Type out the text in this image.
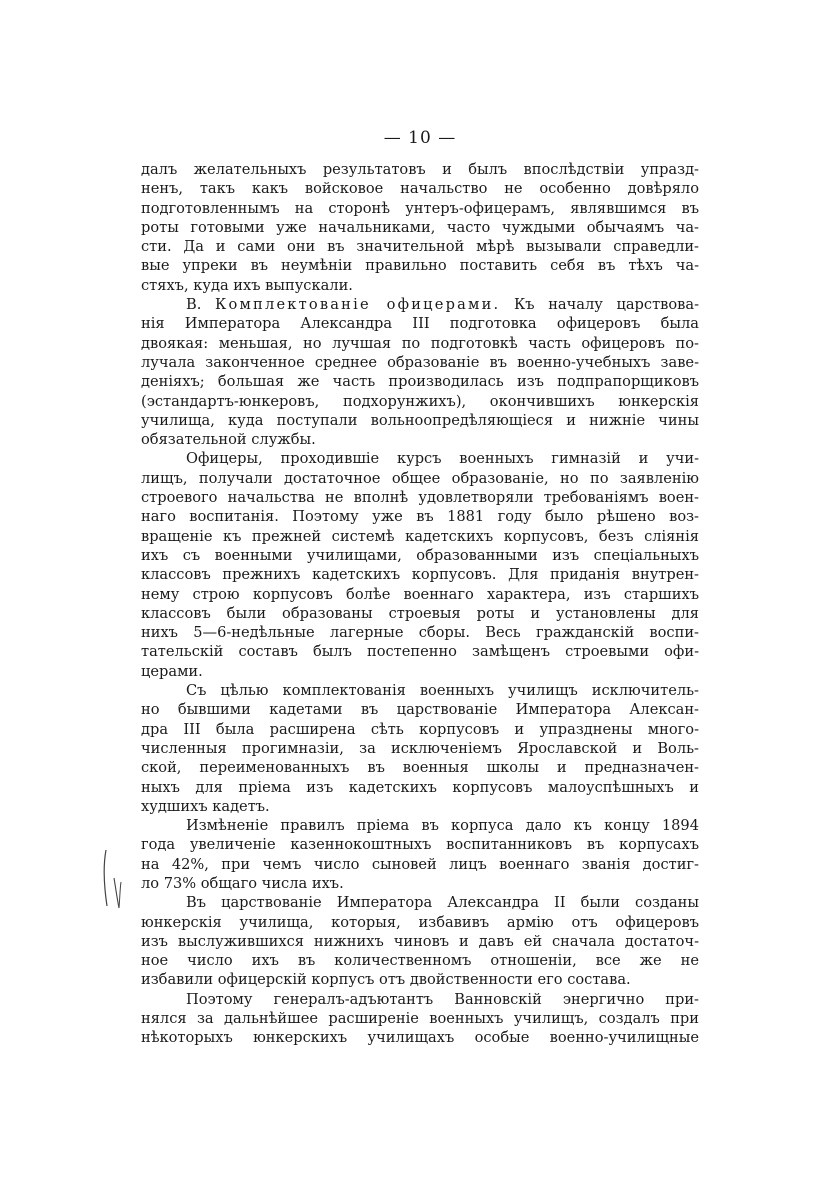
— 10 —
далъ желательныхъ результатовъ и былъ впослѣдствіи упразд-
ненъ, такъ какъ войсковое начальство не особенно довѣряло
подготовленнымъ на сторонѣ унтеръ-офицерамъ, являвшимся въ
роты готовыми уже начальниками, часто чуждыми обычаямъ ча-
сти. Да и сами они въ значительной мѣрѣ вызывали справедли-
вые упреки въ неумѣніи правильно поставить себя въ тѣхъ ча-
стяхъ, куда ихъ выпускали.
В. Комплектованіе офицерами. Къ началу царствова-
нія Императора Александра III подготовка офицеровъ была
двоякая: меньшая, но лучшая по подготовкѣ часть офицеровъ по-
лучала законченное среднее образованіе въ военно-учебныхъ заве-
деніяхъ; большая же часть производилась изъ подпрапорщиковъ
(эстандартъ-юнкеровъ, подхорунжихъ), окончившихъ юнкерскія
училища, куда поступали вольноопредѣляющіеся и нижніе чины
обязательной службы.
Офицеры, проходившіе курсъ военныхъ гимназій и учи-
лищъ, получали достаточное общее образованіе, но по заявленію
строевого начальства не вполнѣ удовлетворяли требованіямъ воен-
наго воспитанія. Поэтому уже въ 1881 году было рѣшено воз-
вращеніе къ прежней системѣ кадетскихъ корпусовъ, безъ слiянія
ихъ съ военными училищами, образованными изъ спеціальныхъ
классовъ прежнихъ кадетскихъ корпусовъ. Для приданія внутрен-
нему строю корпусовъ болѣе военнаго характера, изъ старшихъ
классовъ были образованы строевыя роты и установлены для
нихъ 5—6-недѣльные лагерные сборы. Весь гражданскій воспи-
тательскій составъ былъ постепенно замѣщенъ строевыми офи-
церами.
Съ цѣлью комплектованія военныхъ училищъ исключитель-
но бывшими кадетами въ царствованіе Императора Алексан-
дра III была расширена сѣть корпусовъ и упразднены много-
численныя прогимназіи, за исключеніемъ Ярославской и Воль-
ской, переименованныхъ въ военныя школы и предназначен-
ныхъ для пріема изъ кадетскихъ корпусовъ малоуспѣшныхъ и
худшихъ кадетъ.
Измѣненіе правилъ пріема въ корпуса дало къ концу 1894
года увеличеніе казеннокоштныхъ воспитанниковъ въ корпусахъ
на 42%, при чемъ число сыновей лицъ военнаго званія достиг-
ло 73% общаго числа ихъ.
Въ царствованіе Императора Александра II были созданы
юнкерскія училища, которыя, избавивъ армію отъ офицеровъ
изъ выслужившихся нижнихъ чиновъ и давъ ей сначала достаточ-
ное число ихъ въ количественномъ отношеніи, все же не
избавили офицерскій корпусъ отъ двойственности его состава.
Поэтому генералъ-адъютантъ Ванновскій энергично при-
нялся за дальнѣйшее расширеніе военныхъ училищъ, создалъ при
нѣкоторыхъ юнкерскихъ училищахъ особые военно-училищные
